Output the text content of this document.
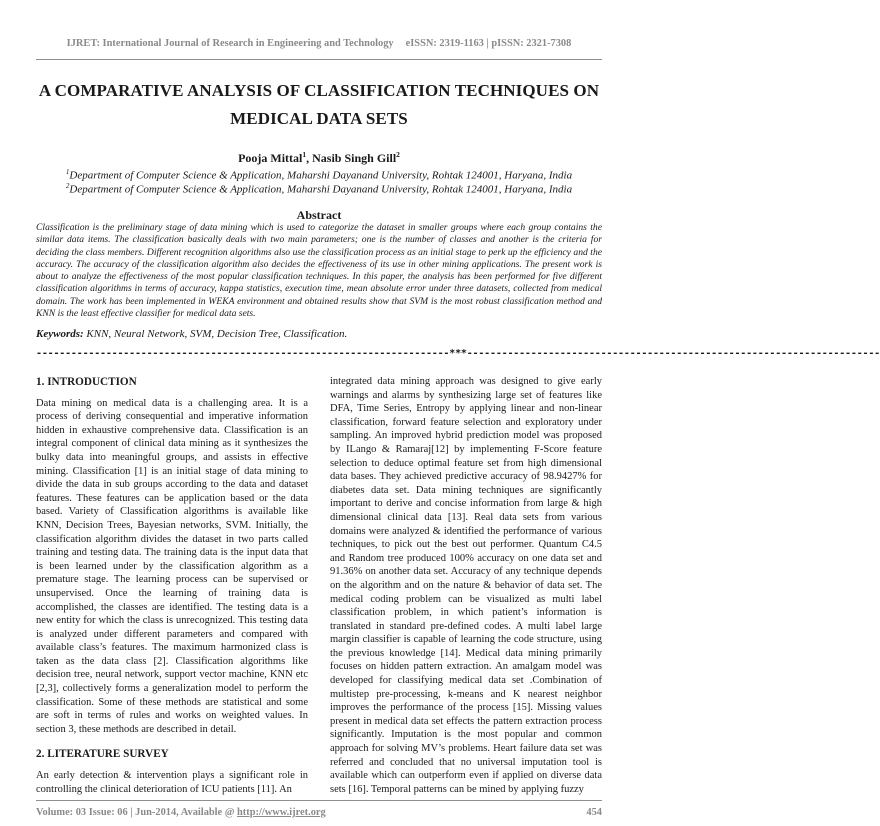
IJRET: International Journal of Research in Engineering and Technology eISSN: 2319-1163 | pISSN: 2321-7308
A COMPARATIVE ANALYSIS OF CLASSIFICATION TECHNIQUES ON MEDICAL DATA SETS
Pooja Mittal$^1$, Nasib Singh Gill$^2$
$^1$Department of Computer Science & Application, Maharshi Dayanand University, Rohtak 124001, Haryana, India
$^2$Department of Computer Science & Application, Maharshi Dayanand University, Rohtak 124001, Haryana, India
Abstract
Classification is the preliminary stage of data mining which is used to categorize the dataset in smaller groups where each group contains the similar data items. The classification basically deals with two main parameters; one is the number of classes and another is the criteria for deciding the class members. Different recognition algorithms also use the classification process as an initial stage to perk up the efficiency and the accuracy. The accuracy of the classification algorithm also decides the effectiveness of its use in other mining applications. The present work is about to analyze the effectiveness of the most popular classification techniques. In this paper, the analysis has been performed for five different classification algorithms in terms of accuracy, kappa statistics, execution time, mean absolute error under three datasets, collected from medical domain. The work has been implemented in WEKA environment and obtained results show that SVM is the most robust classification method and KNN is the least effective classifier for medical data sets.
Keywords: KNN, Neural Network, SVM, Decision Tree, Classification.
-----------------------------------------------------------------------***-----------------------------------------------------------------------
1. INTRODUCTION
Data mining on medical data is a challenging area. It is a process of deriving consequential and imperative information hidden in exhaustive comprehensive data. Classification is an integral component of clinical data mining as it synthesizes the bulky data into meaningful groups, and assists in effective mining. Classification [1] is an initial stage of data mining to divide the data in sub groups according to the data and dataset features. These features can be application based or the data based. Variety of Classification algorithms is available like KNN, Decision Trees, Bayesian networks, SVM. Initially, the classification algorithm divides the dataset in two parts called training and testing data. The training data is the input data that is been learned under by the classification algorithm as a premature stage. The learning process can be supervised or unsupervised. Once the learning of training data is accomplished, the classes are identified. The testing data is a new entity for which the class is unrecognized. This testing data is analyzed under different parameters and compared with available class’s features. The maximum harmonized class is taken as the data class [2]. Classification algorithms like decision tree, neural network, support vector machine, KNN etc [2,3], collectively forms a generalization model to perform the classification. Some of these methods are statistical and some are soft in terms of rules and works on weighted values. In section 3, these methods are described in detail.
2. LITERATURE SURVEY
An early detection & intervention plays a significant role in controlling the clinical deterioration of ICU patients [11]. An
integrated data mining approach was designed to give early warnings and alarms by synthesizing large set of features like DFA, Time Series, Entropy by applying linear and non-linear classification, forward feature selection and exploratory under sampling. An improved hybrid prediction model was proposed by ILango & Ramaraj[12] by implementing F-Score feature selection to deduce optimal feature set from high dimensional data bases. They achieved predictive accuracy of 98.9427% for diabetes data set. Data mining techniques are significantly important to derive and concise information from large & high dimensional clinical data [13]. Real data sets from various domains were analyzed & identified the performance of various techniques, to pick out the best out performer. Quantum C4.5 and Random tree produced 100% accuracy on one data set and 91.36% on another data set. Accuracy of any technique depends on the algorithm and on the nature & behavior of data set. The medical coding problem can be visualized as multi label classification problem, in which patient’s information is translated in standard pre-defined codes. A multi label large margin classifier is capable of learning the code structure, using the previous knowledge [14]. Medical data mining primarily focuses on hidden pattern extraction. An amalgam model was developed for classifying medical data set .Combination of multistep pre-processing, k-means and K nearest neighbor improves the performance of the process [15]. Missing values present in medical data set effects the pattern extraction process significantly. Imputation is the most popular and common approach for solving MV’s problems. Heart failure data set was referred and concluded that no universal imputation tool is available which can outperform even if applied on diverse data sets [16]. Temporal patterns can be mined by applying fuzzy
Volume: 03 Issue: 06 | Jun-2014, Available @ http://www.ijret.org	454
